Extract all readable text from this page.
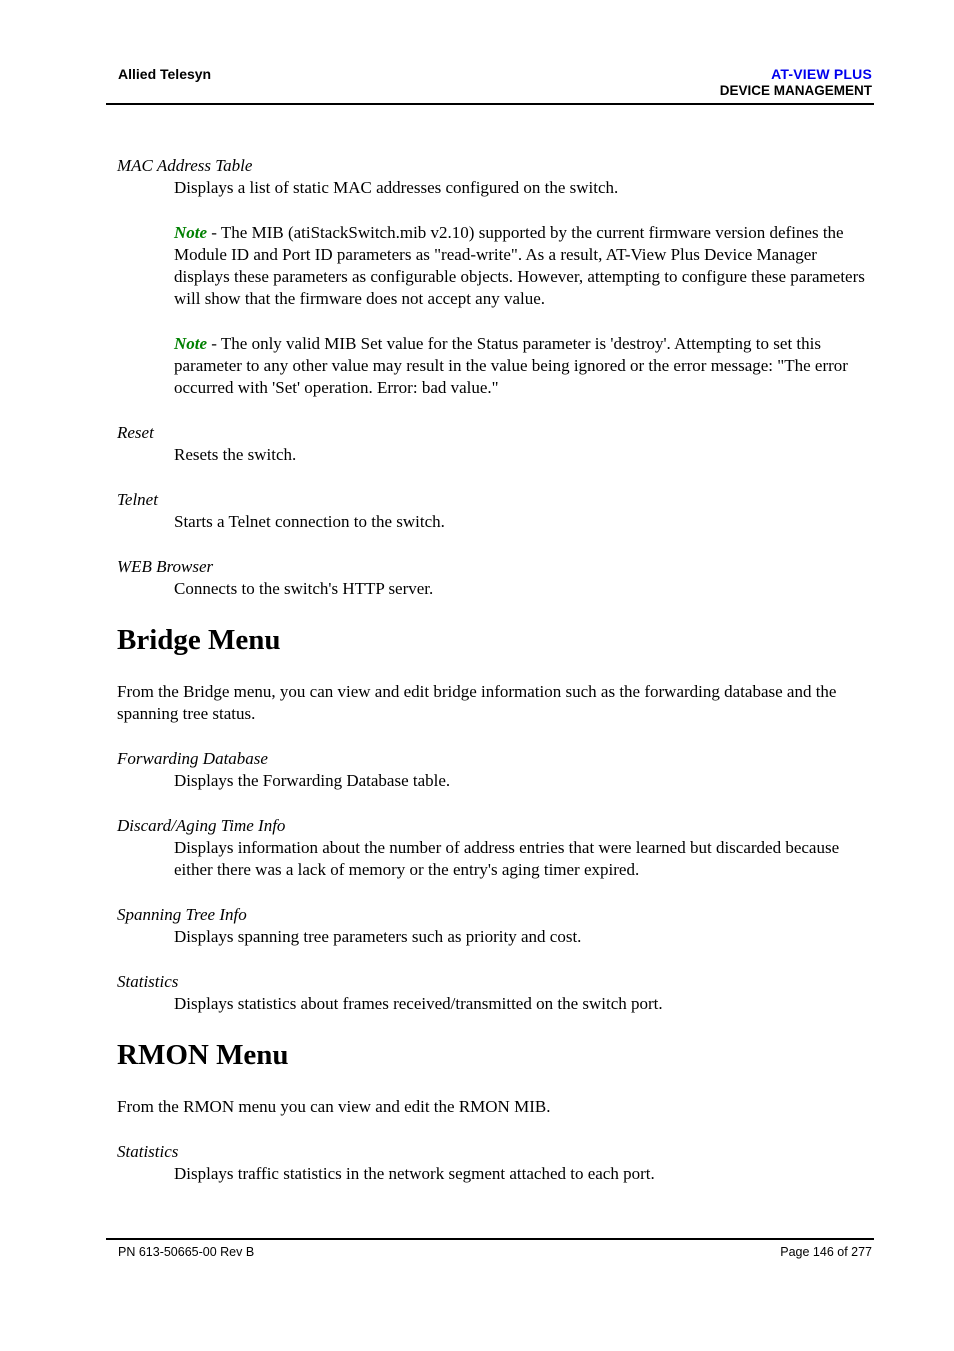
Allied Telesyn	AT-VIEW PLUS
DEVICE MANAGEMENT
MAC Address Table
Displays a list of static MAC addresses configured on the switch.

Note - The MIB (atiStackSwitch.mib v2.10) supported by the current firmware version defines the Module ID and Port ID parameters as "read-write". As a result, AT-View Plus Device Manager displays these parameters as configurable objects. However, attempting to configure these parameters will show that the firmware does not accept any value.

Note - The only valid MIB Set value for the Status parameter is 'destroy'. Attempting to set this parameter to any other value may result in the value being ignored or the error message: "The error occurred with 'Set' operation. Error: bad value."

Reset
Resets the switch.
Telnet
Starts a Telnet connection to the switch.
WEB Browser
Connects to the switch's HTTP server.
Bridge Menu

From the Bridge menu, you can view and edit bridge information such as the forwarding database and the spanning tree status.

Forwarding Database
Displays the Forwarding Database table.
Discard/Aging Time Info
Displays information about the number of address entries that were learned but discarded because either there was a lack of memory or the entry's aging timer expired.
Spanning Tree Info
Displays spanning tree parameters such as priority and cost.
Statistics
Displays statistics about frames received/transmitted on the switch port.
RMON Menu

From the RMON menu you can view and edit the RMON MIB.

Statistics
Displays traffic statistics in the network segment attached to each port.
PN 613-50665-00 Rev B	Page 146 of 277
